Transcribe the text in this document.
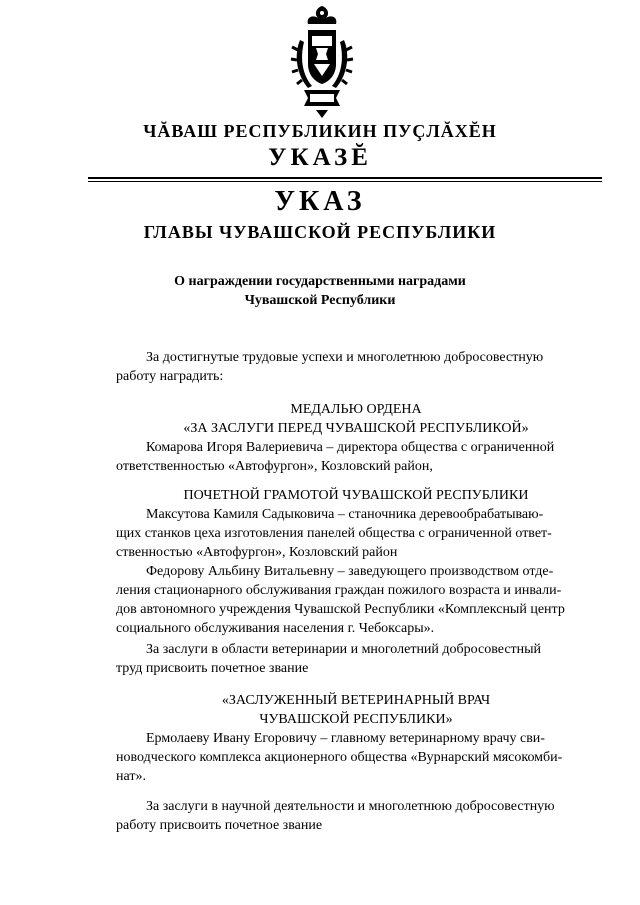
ЧĂВАШ РЕСПУБЛИКИН ПУÇЛĂХĔН
УКАЗĔ
УКАЗ
ГЛАВЫ ЧУВАШСКОЙ РЕСПУБЛИКИ
О награждении государственными наградами
Чувашской Республики
За достигнутые трудовые успехи и многолетнюю добросовестную
работу наградить:
МЕДАЛЬЮ ОРДЕНА
«ЗА ЗАСЛУГИ ПЕРЕД ЧУВАШСКОЙ РЕСПУБЛИКОЙ»
Комарова Игоря Валериевича – директора общества с ограниченной
ответственностью «Автофургон», Козловский район,
ПОЧЕТНОЙ ГРАМОТОЙ ЧУВАШСКОЙ РЕСПУБЛИКИ
Максутова Камиля Садыковича – станочника деревообрабатываю-
щих станков цеха изготовления панелей общества с ограниченной ответ-
ственностью «Автофургон», Козловский район
Федорову Альбину Витальевну – заведующего производством отде-
ления стационарного обслуживания граждан пожилого возраста и инвали-
дов автономного учреждения Чувашской Республики «Комплексный центр
социального обслуживания населения г. Чебоксары».
За заслуги в области ветеринарии и многолетний добросовестный
труд присвоить почетное звание
«ЗАСЛУЖЕННЫЙ ВЕТЕРИНАРНЫЙ ВРАЧ
ЧУВАШСКОЙ РЕСПУБЛИКИ»
Ермолаеву Ивану Егоровичу – главному ветеринарному врачу сви-
новодческого комплекса акционерного общества «Вурнарский мясокомби-
нат».
За заслуги в научной деятельности и многолетнюю добросовестную
работу присвоить почетное звание
